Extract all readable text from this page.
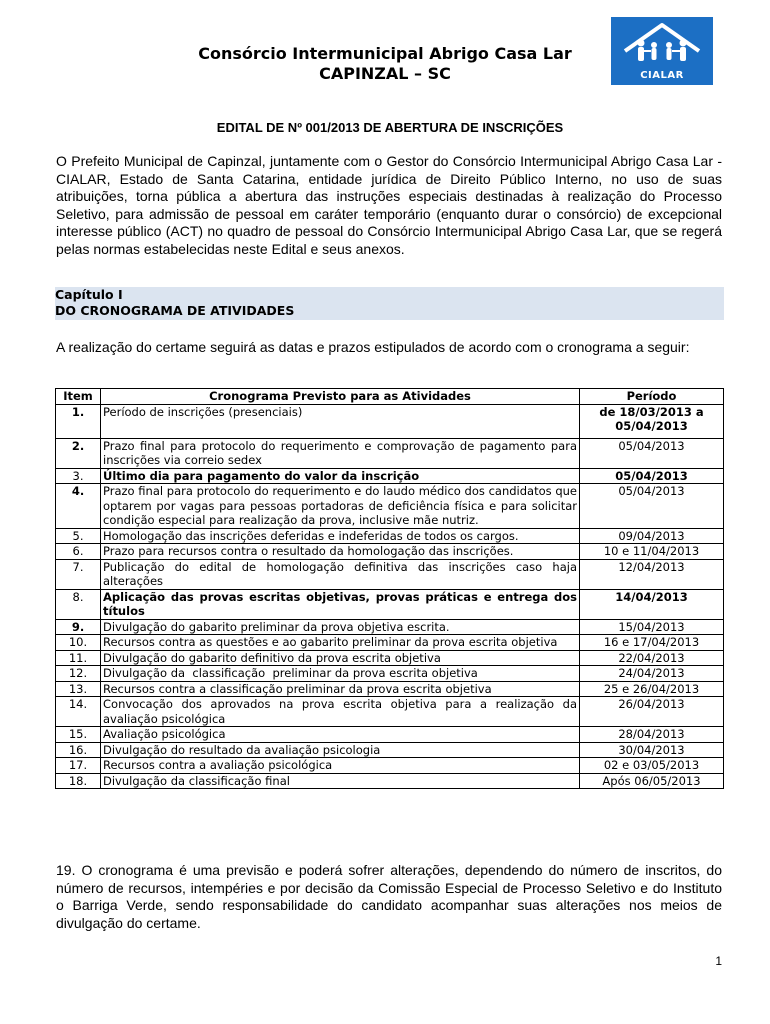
Consórcio Intermunicipal Abrigo Casa Lar
CAPINZAL – SC	CIALAR
EDITAL DE Nº 001/2013 DE ABERTURA DE INSCRIÇÕES
O Prefeito Municipal de Capinzal, juntamente com o Gestor do Consórcio Intermunicipal Abrigo Casa Lar - CIALAR, Estado de Santa Catarina, entidade jurídica de Direito Público Interno, no uso de suas atribuições, torna pública a abertura das instruções especiais destinadas à realização do Processo Seletivo, para admissão de pessoal em caráter temporário (enquanto durar o consórcio) de excepcional interesse público (ACT) no quadro de pessoal do Consórcio Intermunicipal Abrigo Casa Lar, que se regerá pelas normas estabelecidas neste Edital e seus anexos.
Capítulo I
DO CRONOGRAMA DE ATIVIDADES
A realização do certame seguirá as datas e prazos estipulados de acordo com o cronograma a seguir:
Item	Cronograma Previsto para as Atividades	Período
1.	Período de inscrições (presenciais)	de 18/03/2013 a 05/04/2013
2.	Prazo final para protocolo do requerimento e comprovação de pagamento para inscrições via correio sedex	05/04/2013
3.	Último dia para pagamento do valor da inscrição	05/04/2013
4.	Prazo final para protocolo do requerimento e do laudo médico dos candidatos que optarem por vagas para pessoas portadoras de deficiência física e para solicitar condição especial para realização da prova, inclusive mãe nutriz.	05/04/2013
5.	Homologação das inscrições deferidas e indeferidas de todos os cargos.	09/04/2013
6.	Prazo para recursos contra o resultado da homologação das inscrições.	10 e 11/04/2013
7.	Publicação do edital de homologação definitiva das inscrições caso haja alterações	12/04/2013
8.	Aplicação das provas escritas objetivas, provas práticas e entrega dos títulos	14/04/2013
9.	Divulgação do gabarito preliminar da prova objetiva escrita.	15/04/2013
10.	Recursos contra as questões e ao gabarito preliminar da prova escrita objetiva	16 e 17/04/2013
11.	Divulgação do gabarito definitivo da prova escrita objetiva	22/04/2013
12.	Divulgação da  classificação  preliminar da prova escrita objetiva	24/04/2013
13.	Recursos contra a classificação preliminar da prova escrita objetiva	25 e 26/04/2013
14.	Convocação dos aprovados na prova escrita objetiva para a realização da avaliação psicológica	26/04/2013
15.	Avaliação psicológica	28/04/2013
16.	Divulgação do resultado da avaliação psicologia	30/04/2013
17.	Recursos contra a avaliação psicológica	02 e 03/05/2013
18.	Divulgação da classificação final	Após 06/05/2013
19. O cronograma é uma previsão e poderá sofrer alterações, dependendo do número de inscritos, do número de recursos, intempéries e por decisão da Comissão Especial de Processo Seletivo e do Instituto o Barriga Verde, sendo responsabilidade do candidato acompanhar suas alterações nos meios de divulgação do certame.
1
